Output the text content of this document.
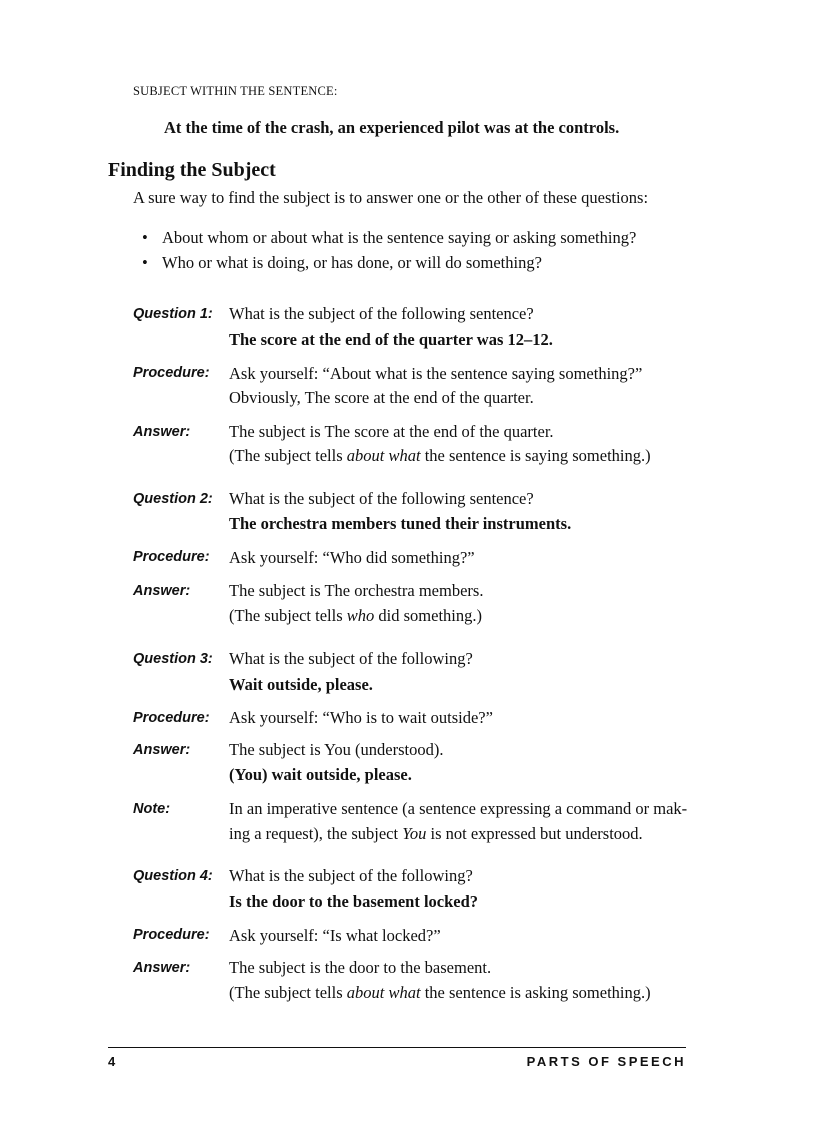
SUBJECT WITHIN THE SENTENCE:
At the time of the crash, an experienced pilot was at the controls.
Finding the Subject
A sure way to find the subject is to answer one or the other of these questions:
• About whom or about what is the sentence saying or asking something?
• Who or what is doing, or has done, or will do something?
Question 1: What is the subject of the following sentence?
The score at the end of the quarter was 12–12.
Procedure: Ask yourself: “About what is the sentence saying something?”
Obviously, The score at the end of the quarter.
Answer: The subject is The score at the end of the quarter.
(The subject tells about what the sentence is saying something.)
Question 2: What is the subject of the following sentence?
The orchestra members tuned their instruments.
Procedure: Ask yourself: “Who did something?”
Answer: The subject is The orchestra members.
(The subject tells who did something.)
Question 3: What is the subject of the following?
Wait outside, please.
Procedure: Ask yourself: “Who is to wait outside?”
Answer: The subject is You (understood).
(You) wait outside, please.
Note:	In an imperative sentence (a sentence expressing a command or mak-
ing a request), the subject You is not expressed but understood.
Question 4: What is the subject of the following?
Is the door to the basement locked?
Procedure: Ask yourself: “Is what locked?”
Answer: The subject is the door to the basement.
(The subject tells about what the sentence is asking something.)
4	PARTS OF SPEECH
